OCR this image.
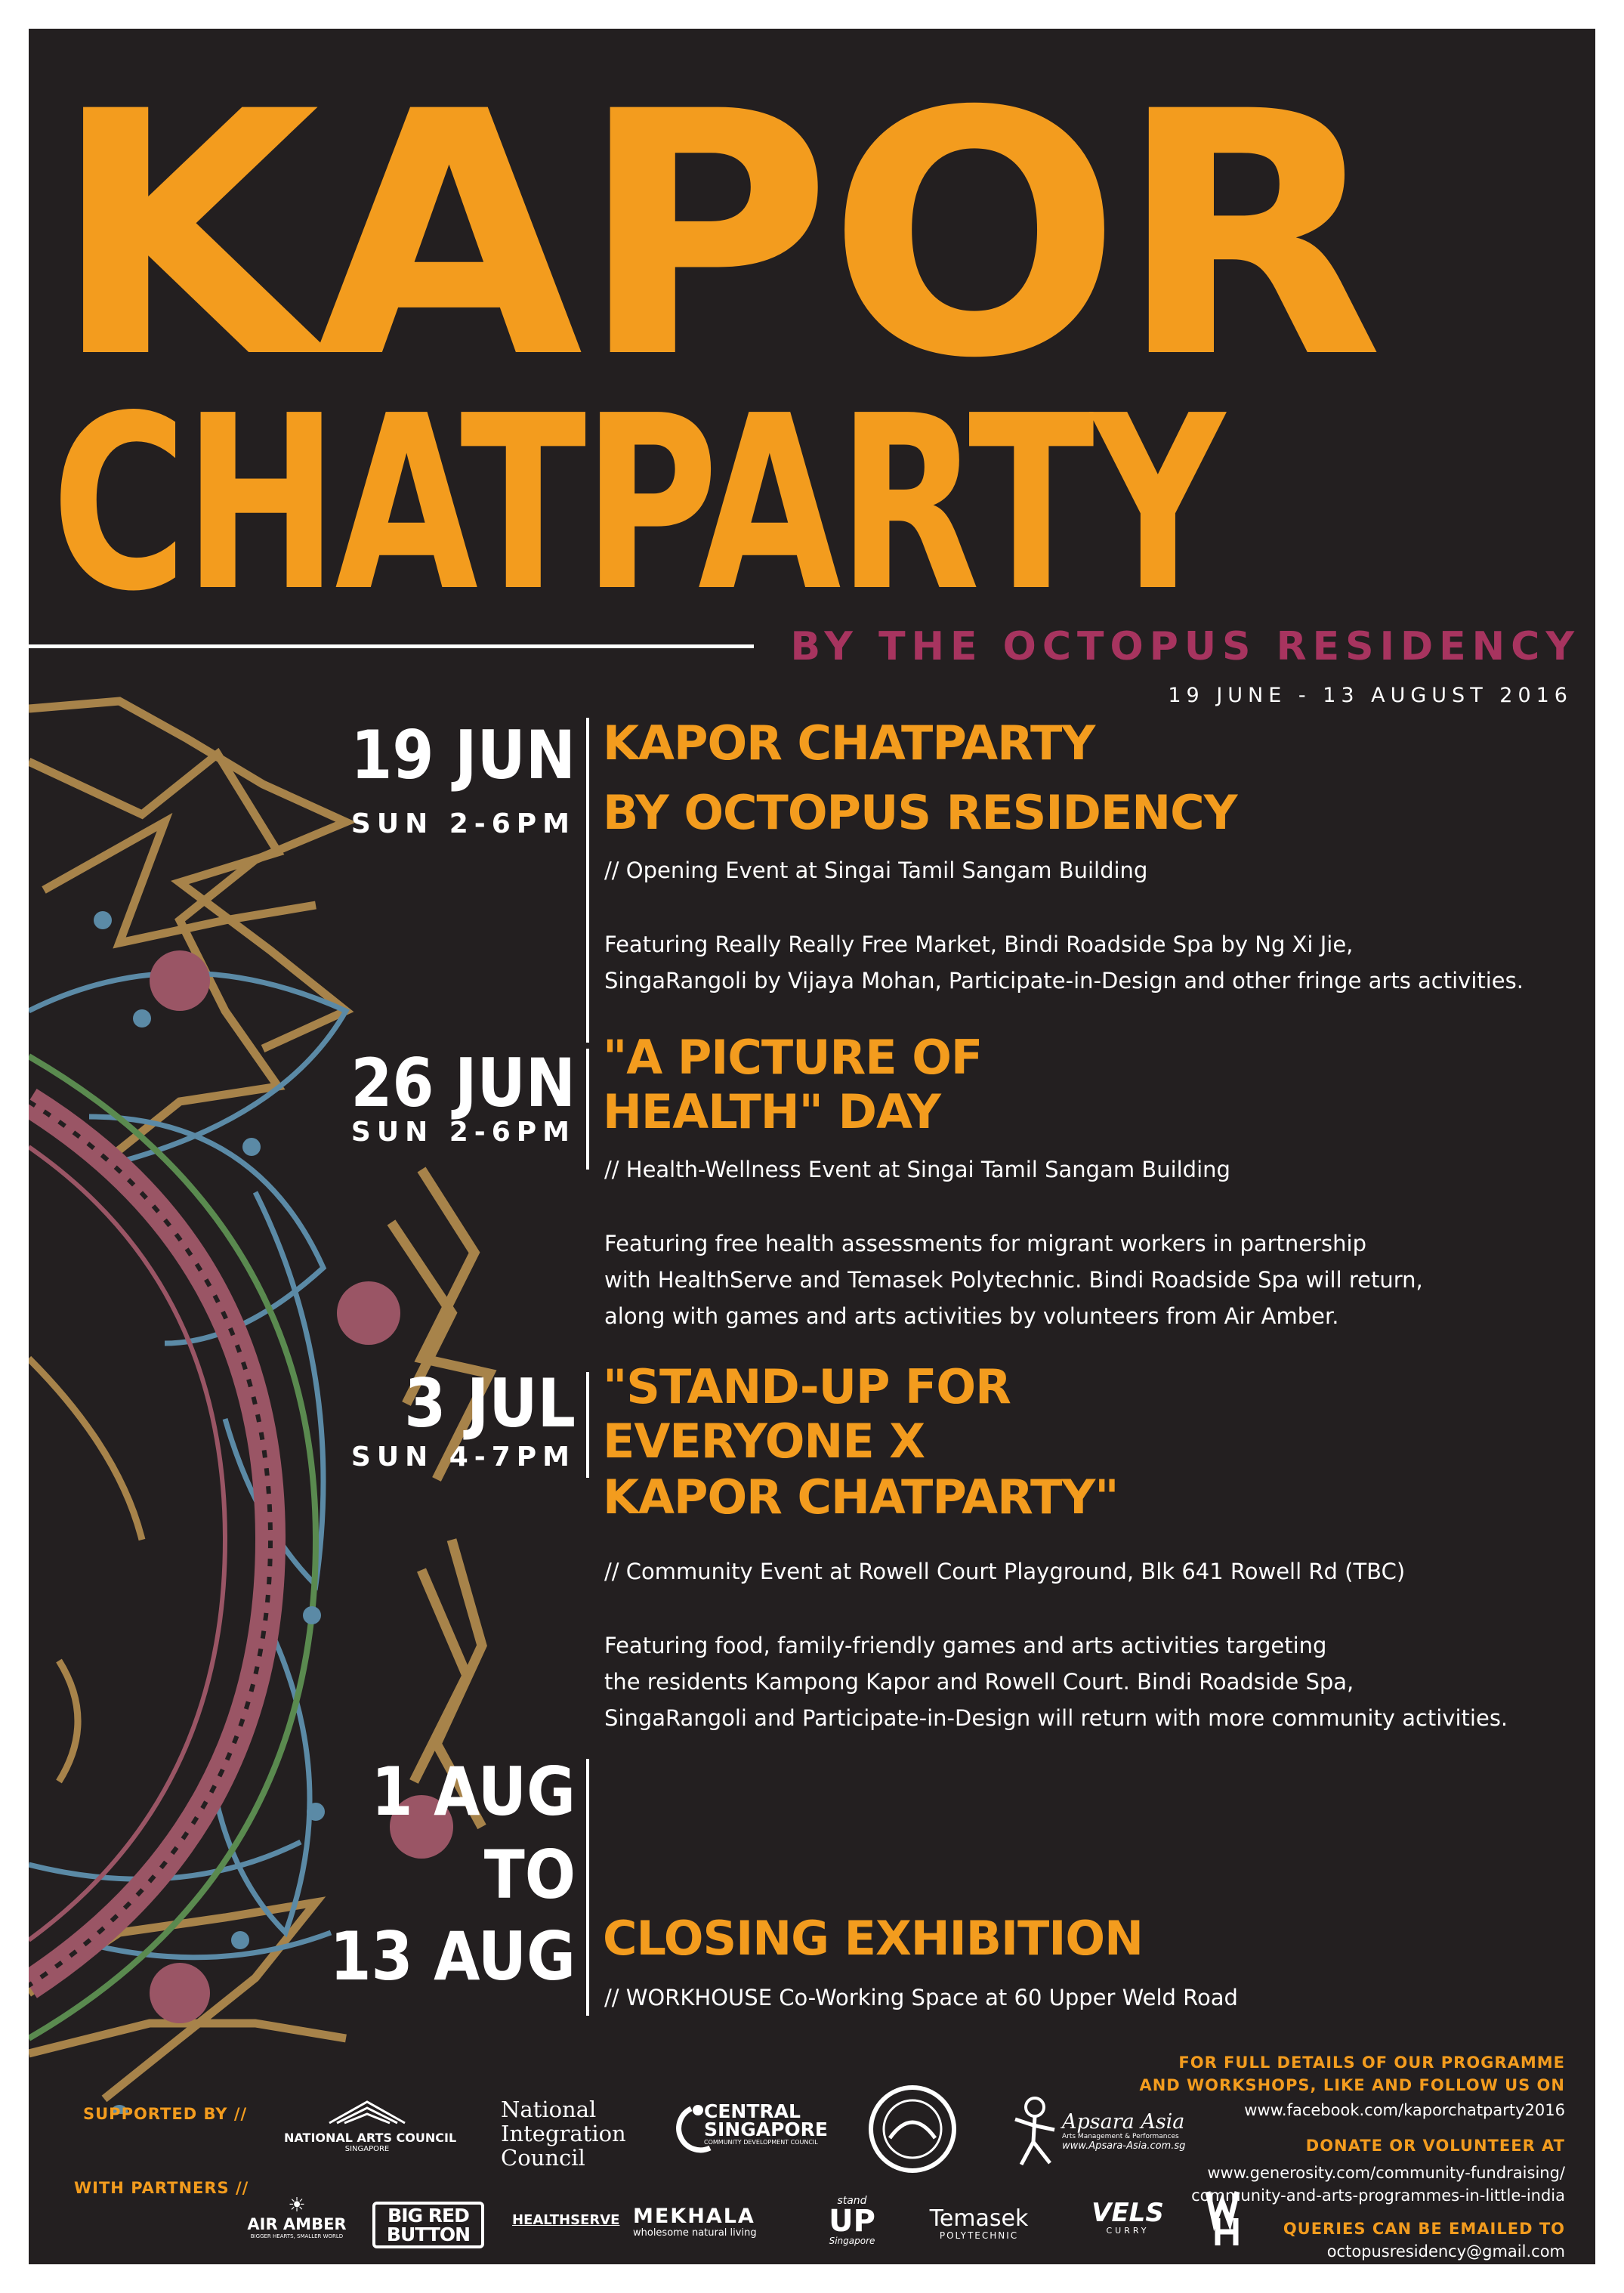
KAPOR
CHATPARTY
BY THE OCTOPUS RESIDENCY
19 JUNE - 13 AUGUST 2016
19 JUN
SUN 2-6PM
KAPOR CHATPARTY
BY OCTOPUS RESIDENCY
// Opening Event at Singai Tamil Sangam Building
Featuring Really Really Free Market, Bindi Roadside Spa by Ng Xi Jie,
SingaRangoli by Vijaya Mohan, Participate-in-Design and other fringe arts activities.
26 JUN
SUN 2-6PM
"A PICTURE OF
HEALTH" DAY
// Health-Wellness Event at Singai Tamil Sangam Building
Featuring free health assessments for migrant workers in partnership
with HealthServe and Temasek Polytechnic. Bindi Roadside Spa will return,
along with games and arts activities by volunteers from Air Amber.
3 JUL
SUN 4-7PM
"STAND-UP FOR
EVERYONE X
KAPOR CHATPARTY"
// Community Event at Rowell Court Playground, Blk 641 Rowell Rd (TBC)
Featuring food, family-friendly games and arts activities targeting
the residents Kampong Kapor and Rowell Court. Bindi Roadside Spa,
SingaRangoli and Participate-in-Design will return with more community activities.
1 AUG
TO
13 AUG CLOSING EXHIBITION
// WORKHOUSE Co-Working Space at 60 Upper Weld Road
FOR FULL DETAILS OF OUR PROGRAMME
AND WORKSHOPS, LIKE AND FOLLOW US ON
www.facebook.com/kaporchatparty2016
DONATE OR VOLUNTEER AT
www.generosity.com/community-fundraising/
community-and-arts-programmes-in-little-india
QUERIES CAN BE EMAILED TO
octopusresidency@gmail.com
SUPPORTED BY //
WITH PARTNERS //
NATIONAL ARTS COUNCIL
SINGAPORE
National
Integration
Council
CENTRAL
SINGAPORE
COMMUNITY DEVELOPMENT COUNCIL
Apsara Asia
Arts Management & Performances
www.Apsara-Asia.com.sg
☀
AIR AMBER
BIGGER HEARTS, SMALLER WORLD
BIG RED
BUTTON
HEALTHSERVE MEKHALA
wholesome natural living
stand
UP
Singapore
Temasek
POLYTECHNIC
VELS
CURRY
